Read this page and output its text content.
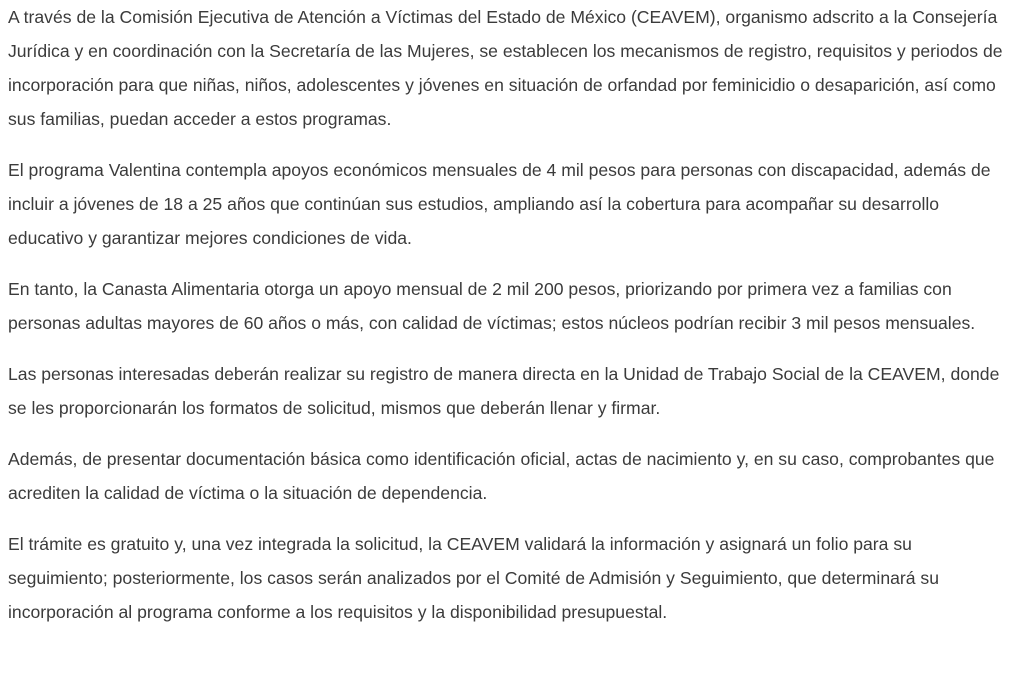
A través de la Comisión Ejecutiva de Atención a Víctimas del Estado de México (CEAVEM), organismo adscrito a la Consejería Jurídica y en coordinación con la Secretaría de las Mujeres, se establecen los mecanismos de registro, requisitos y periodos de incorporación para que niñas, niños, adolescentes y jóvenes en situación de orfandad por feminicidio o desaparición, así como sus familias, puedan acceder a estos programas.

El programa Valentina contempla apoyos económicos mensuales de 4 mil pesos para personas con discapacidad, además de incluir a jóvenes de 18 a 25 años que continúan sus estudios, ampliando así la cobertura para acompañar su desarrollo educativo y garantizar mejores condiciones de vida.

En tanto, la Canasta Alimentaria otorga un apoyo mensual de 2 mil 200 pesos, priorizando por primera vez a familias con personas adultas mayores de 60 años o más, con calidad de víctimas; estos núcleos podrían recibir 3 mil pesos mensuales.

Las personas interesadas deberán realizar su registro de manera directa en la Unidad de Trabajo Social de la CEAVEM, donde se les proporcionarán los formatos de solicitud, mismos que deberán llenar y firmar.

Además, de presentar documentación básica como identificación oficial, actas de nacimiento y, en su caso, comprobantes que acrediten la calidad de víctima o la situación de dependencia.

El trámite es gratuito y, una vez integrada la solicitud, la CEAVEM validará la información y asignará un folio para su seguimiento; posteriormente, los casos serán analizados por el Comité de Admisión y Seguimiento, que determinará su incorporación al programa conforme a los requisitos y la disponibilidad presupuestal.
